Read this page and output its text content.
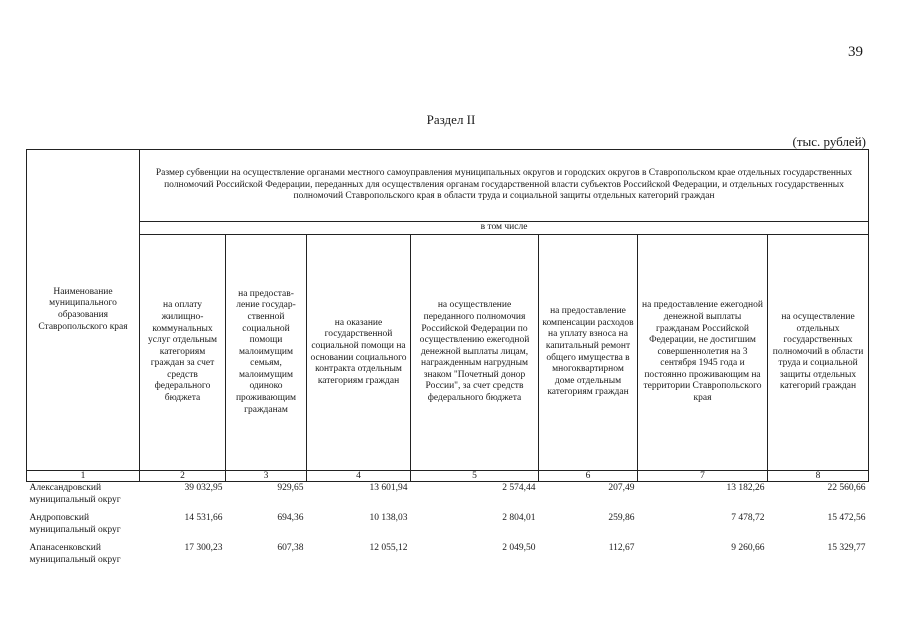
39
Раздел II
(тыс. рублей)
Наименование муниципального образования Ставропольского края	Размер субвенции на осуществление органами местного самоуправления муниципальных округов и городских округов в Ставропольском крае отдельных государственных полномочий Российской Федерации, переданных для осуществления органам государственной власти субъектов Российской Федерации, и отдельных государственных полномочий Ставропольского края в области труда и социальной защиты отдельных категорий граждан						
	в том числе						
	на оплату жилищно-коммунальных услуг отдельным категориям граждан за счет средств федерального бюджета	на предостав-ление государ-ственной социальной помощи малоимущим семьям, малоимущим одиноко проживающим гражданам	на оказание государственной социальной помощи на основании социального контракта отдельным категориям граждан	на осуществление переданного полномочия Российской Федерации по осуществлению ежегодной денежной выплаты лицам, награжденным нагрудным знаком "Почетный донор России", за счет средств федерального бюджета	на предоставление компенсации расходов на уплату взноса на капитальный ремонт общего имущества в многоквартирном доме отдельным категориям граждан	на предоставление ежегодной денежной выплаты гражданам Российской Федерации, не достигшим совершеннолетия на 3 сентября 1945 года и постоянно проживающим на территории Ставропольского края	на осуществление отдельных государственных полномочий в области труда и социальной защиты отдельных категорий граждан
1	2	3	4	5	6	7	8
Александровский муниципальный округ	39 032,95	929,65	13 601,94	2 574,44	207,49	13 182,26	22 560,66
Андроповский муниципальный округ	14 531,66	694,36	10 138,03	2 804,01	259,86	7 478,72	15 472,56
Апанасенковский муниципальный округ	17 300,23	607,38	12 055,12	2 049,50	112,67	9 260,66	15 329,77
